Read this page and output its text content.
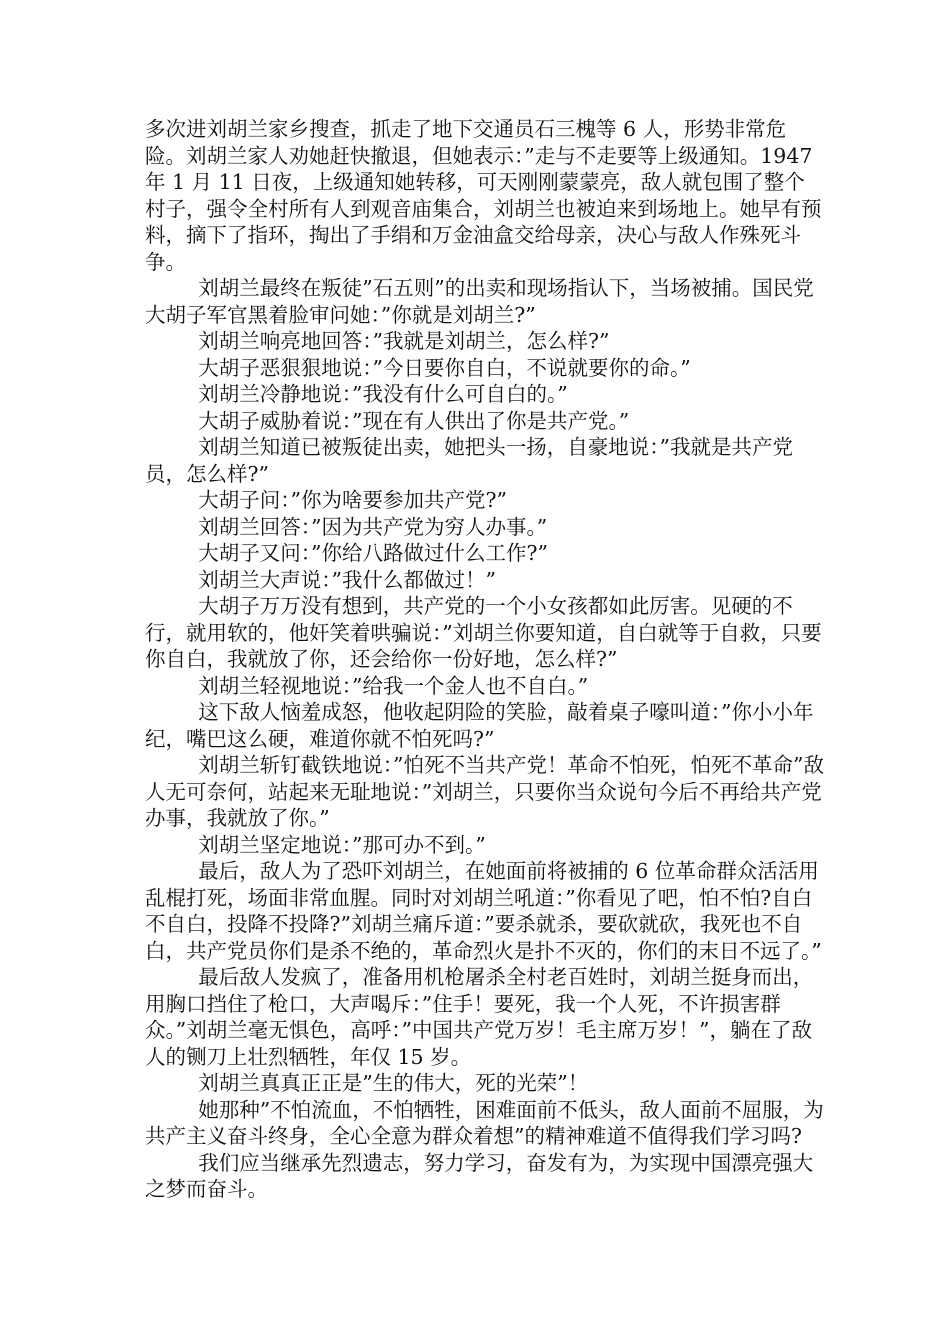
多次进刘胡兰家乡搜查，抓走了地下交通员石三槐等 6 人，形势非常危险。刘胡兰家人劝她赶快撤退，但她表示：”走与不走要等上级通知。1947 年 1 月 11 日夜，上级通知她转移，可天刚刚蒙蒙亮，敌人就包围了整个村子，强令全村所有人到观音庙集合，刘胡兰也被迫来到场地上。她早有预料，摘下了指环，掏出了手绢和万金油盒交给母亲，决心与敌人作殊死斗争。

刘胡兰最终在叛徒”石五则”的出卖和现场指认下，当场被捕。国民党大胡子军官黑着脸审问她：”你就是刘胡兰?”

刘胡兰响亮地回答：”我就是刘胡兰，怎么样?”

大胡子恶狠狠地说：”今日要你自白，不说就要你的命。”

刘胡兰冷静地说：”我没有什么可自白的。”

大胡子威胁着说：”现在有人供出了你是共产党。”

刘胡兰知道已被叛徒出卖，她把头一扬，自豪地说：”我就是共产党员，怎么样?”

大胡子问：”你为啥要参加共产党?”

刘胡兰回答：”因为共产党为穷人办事。”

大胡子又问：”你给八路做过什么工作?”

刘胡兰大声说：”我什么都做过！”

大胡子万万没有想到，共产党的一个小女孩都如此厉害。见硬的不行，就用软的，他奸笑着哄骗说：”刘胡兰你要知道，自白就等于自救，只要你自白，我就放了你，还会给你一份好地，怎么样?”

刘胡兰轻视地说：”给我一个金人也不自白。”

这下敌人恼羞成怒，他收起阴险的笑脸，敲着桌子嚎叫道：”你小小年纪，嘴巴这么硬，难道你就不怕死吗?”

刘胡兰斩钉截铁地说：”怕死不当共产党！革命不怕死，怕死不革命”敌人无可奈何，站起来无耻地说：”刘胡兰，只要你当众说句今后不再给共产党办事，我就放了你。”

刘胡兰坚定地说：”那可办不到。”

最后，敌人为了恐吓刘胡兰，在她面前将被捕的 6 位革命群众活活用乱棍打死，场面非常血腥。同时对刘胡兰吼道：”你看见了吧，怕不怕?自白不自白，投降不投降?”刘胡兰痛斥道：”要杀就杀，要砍就砍，我死也不自白，共产党员你们是杀不绝的，革命烈火是扑不灭的，你们的末日不远了。”

最后敌人发疯了，准备用机枪屠杀全村老百姓时，刘胡兰挺身而出，用胸口挡住了枪口，大声喝斥：”住手！要死，我一个人死，不许损害群众。”刘胡兰毫无惧色，高呼：”中国共产党万岁！毛主席万岁！”，躺在了敌人的铡刀上壮烈牺牲，年仅 15 岁。

刘胡兰真真正正是”生的伟大，死的光荣”！

她那种”不怕流血，不怕牺牲，困难面前不低头，敌人面前不屈服，为共产主义奋斗终身，全心全意为群众着想”的精神难道不值得我们学习吗?

我们应当继承先烈遗志，努力学习，奋发有为，为实现中国漂亮强大之梦而奋斗。
